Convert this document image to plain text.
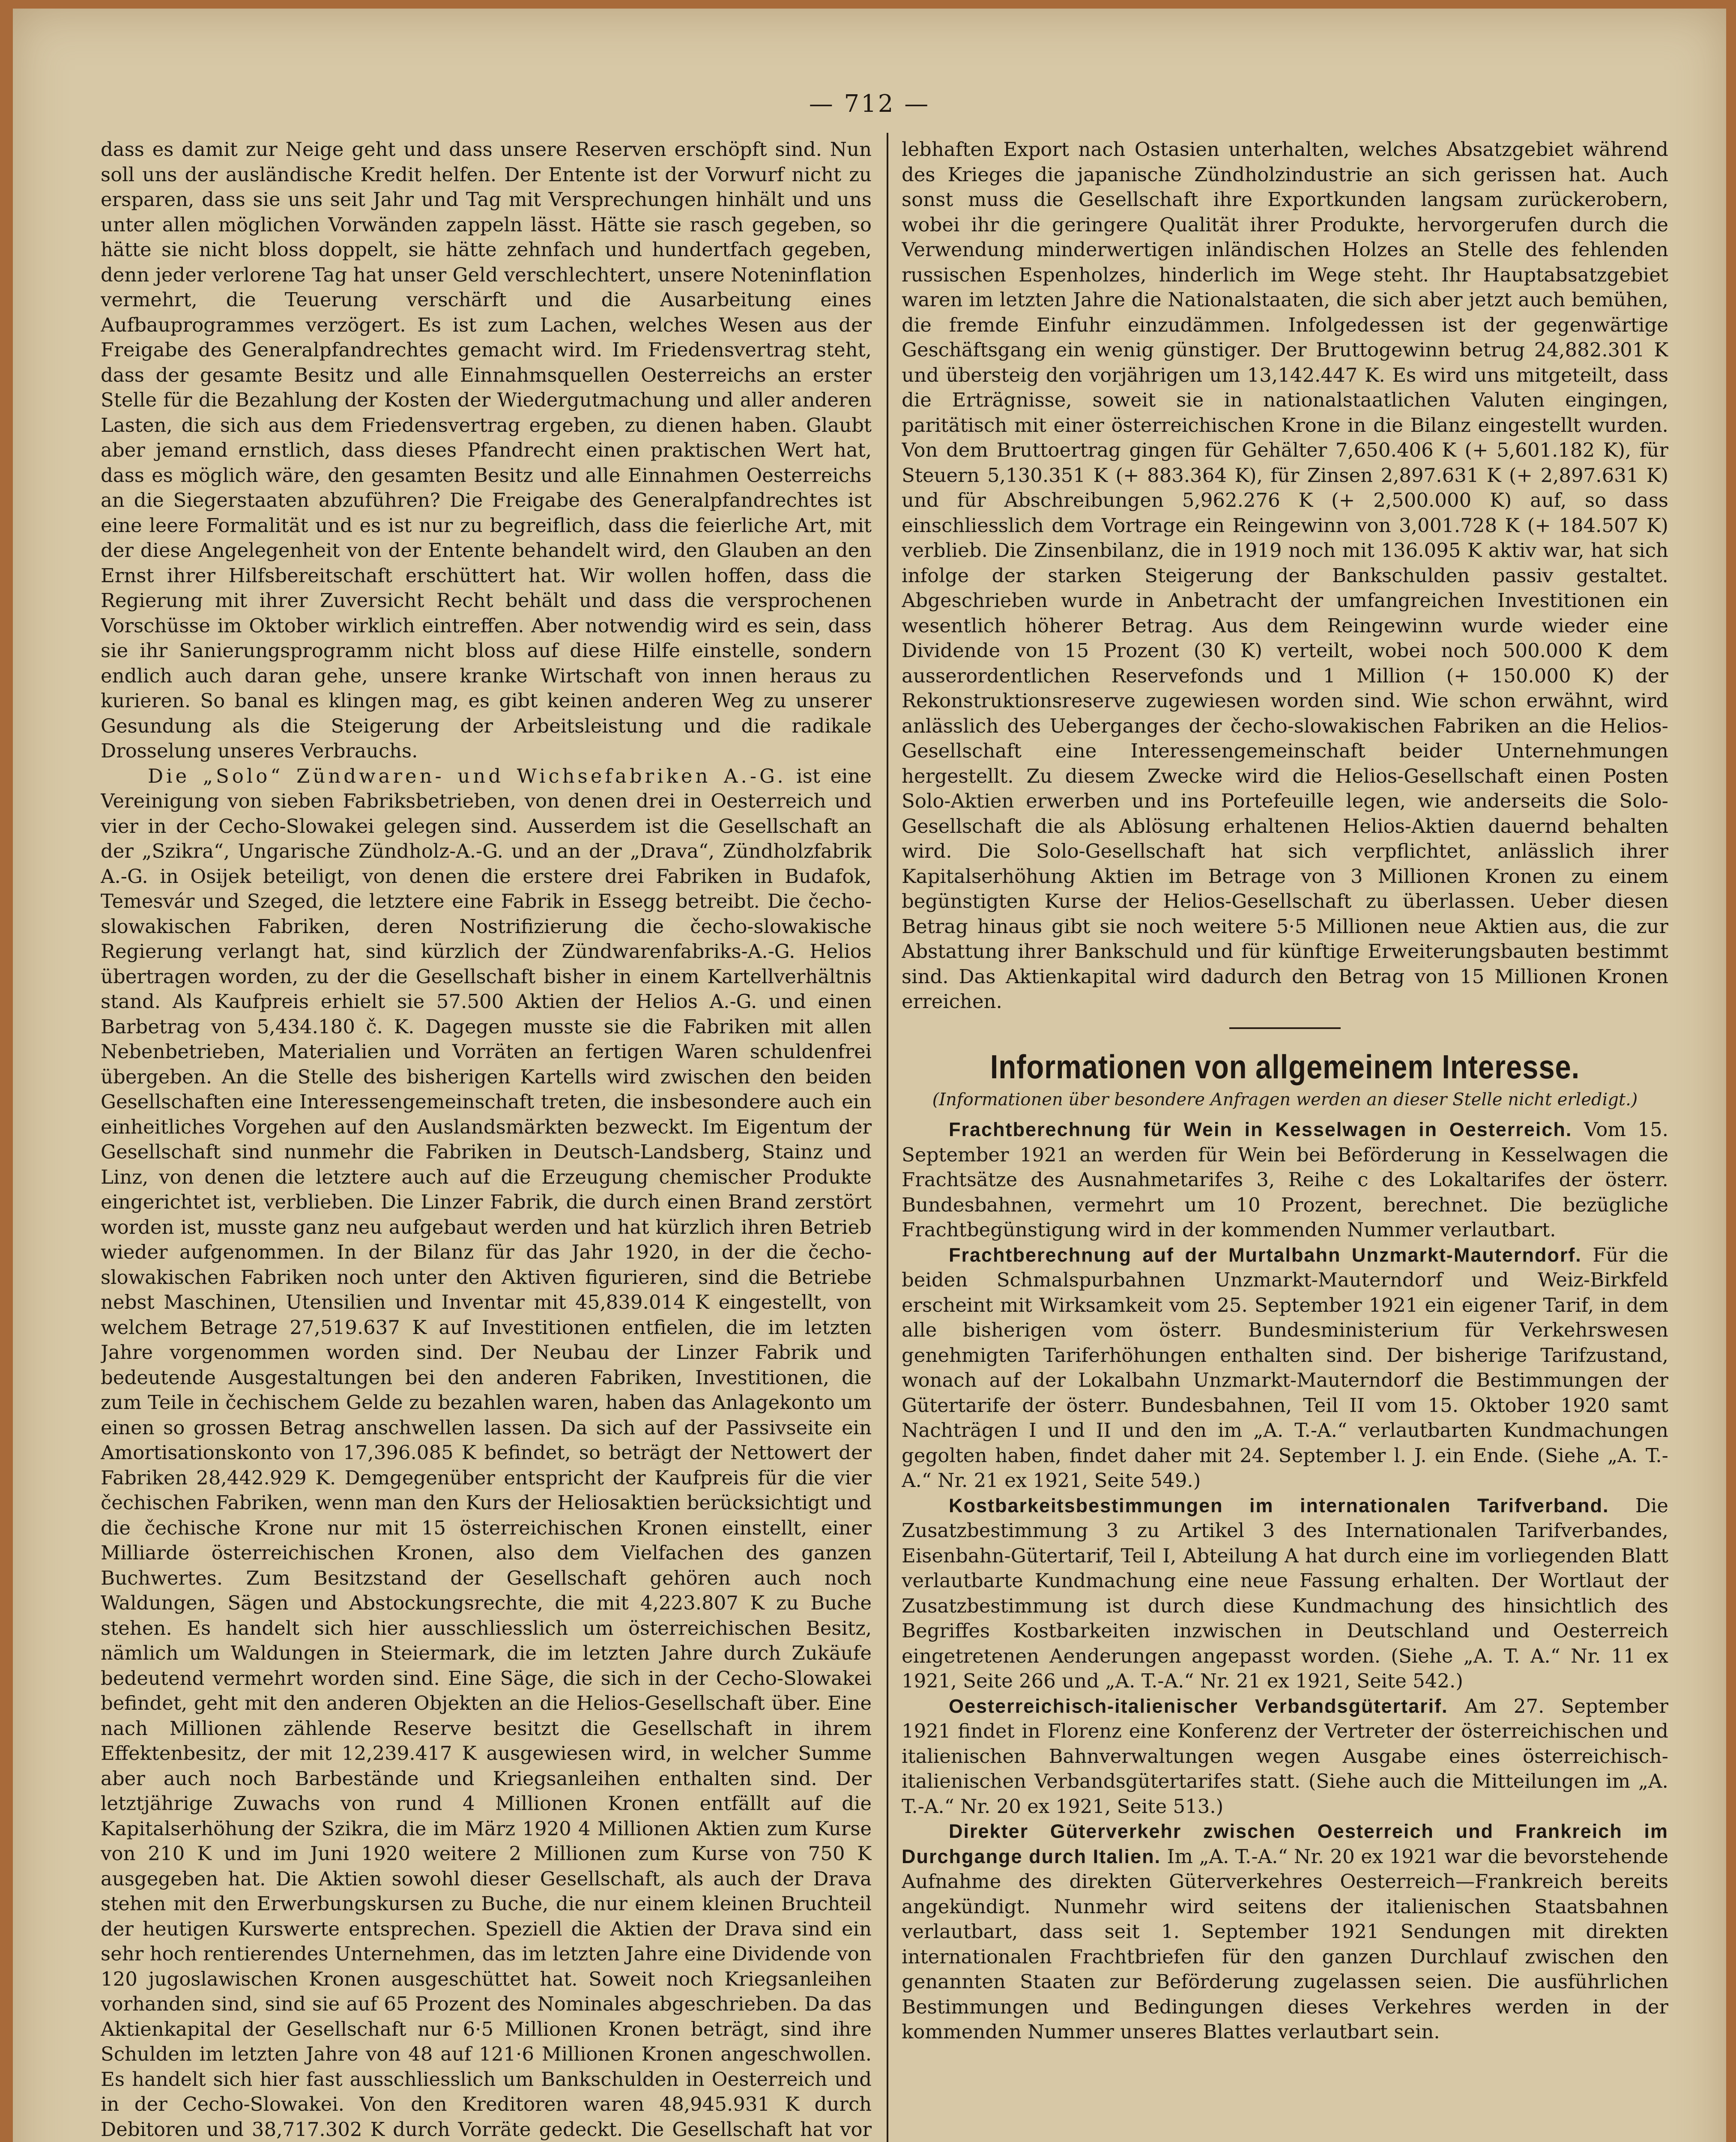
— 712 —

dass es damit zur Neige geht und dass unsere Reserven erschöpft sind. Nun soll uns der ausländische Kredit helfen. Der Entente ist der Vorwurf nicht zu ersparen, dass sie uns seit Jahr und Tag mit Versprechungen hinhält und uns unter allen möglichen Vorwänden zappeln lässt. Hätte sie rasch gegeben, so hätte sie nicht bloss doppelt, sie hätte zehnfach und hundertfach gegeben, denn jeder verlorene Tag hat unser Geld verschlechtert, unsere Noteninflation vermehrt, die Teuerung verschärft und die Ausarbeitung eines Aufbauprogrammes verzögert. Es ist zum Lachen, welches Wesen aus der Freigabe des Generalpfandrechtes gemacht wird. Im Friedensvertrag steht, dass der gesamte Besitz und alle Einnahmsquellen Oesterreichs an erster Stelle für die Bezahlung der Kosten der Wiedergutmachung und aller anderen Lasten, die sich aus dem Friedensvertrag ergeben, zu dienen haben. Glaubt aber jemand ernstlich, dass dieses Pfandrecht einen praktischen Wert hat, dass es möglich wäre, den gesamten Besitz und alle Einnahmen Oesterreichs an die Siegerstaaten abzuführen? Die Freigabe des Generalpfandrechtes ist eine leere Formalität und es ist nur zu begreiflich, dass die feierliche Art, mit der diese Angelegenheit von der Entente behandelt wird, den Glauben an den Ernst ihrer Hilfsbereitschaft erschüttert hat. Wir wollen hoffen, dass die Regierung mit ihrer Zuversicht Recht behält und dass die versprochenen Vorschüsse im Oktober wirklich eintreffen. Aber notwendig wird es sein, dass sie ihr Sanierungsprogramm nicht bloss auf diese Hilfe einstelle, sondern endlich auch daran gehe, unsere kranke Wirtschaft von innen heraus zu kurieren. So banal es klingen mag, es gibt keinen anderen Weg zu unserer Gesundung als die Steigerung der Arbeitsleistung und die radikale Drosselung unseres Verbrauchs.

Die „Solo“ Zündwaren- und Wichsefabriken A.-G. ist eine Vereinigung von sieben Fabriksbetrieben, von denen drei in Oesterreich und vier in der Cecho-Slowakei gelegen sind. Ausserdem ist die Gesellschaft an der „Szikra“, Ungarische Zündholz-A.-G. und an der „Drava“, Zündholzfabrik A.-G. in Osijek beteiligt, von denen die erstere drei Fabriken in Budafok, Temesvár und Szeged, die letztere eine Fabrik in Essegg betreibt. Die čecho-slowakischen Fabriken, deren Nostrifizierung die čecho-slowakische Regierung verlangt hat, sind kürzlich der Zündwarenfabriks-A.-G. Helios übertragen worden, zu der die Gesellschaft bisher in einem Kartellverhältnis stand. Als Kaufpreis erhielt sie 57.500 Aktien der Helios A.-G. und einen Barbetrag von 5,434.180 č. K. Dagegen musste sie die Fabriken mit allen Nebenbetrieben, Materialien und Vorräten an fertigen Waren schuldenfrei übergeben. An die Stelle des bisherigen Kartells wird zwischen den beiden Gesellschaften eine Interessengemeinschaft treten, die insbesondere auch ein einheitliches Vorgehen auf den Auslandsmärkten bezweckt. Im Eigentum der Gesellschaft sind nunmehr die Fabriken in Deutsch-Landsberg, Stainz und Linz, von denen die letztere auch auf die Erzeugung chemischer Produkte eingerichtet ist, verblieben. Die Linzer Fabrik, die durch einen Brand zerstört worden ist, musste ganz neu aufgebaut werden und hat kürzlich ihren Betrieb wieder aufgenommen. In der Bilanz für das Jahr 1920, in der die čecho-slowakischen Fabriken noch unter den Aktiven figurieren, sind die Betriebe nebst Maschinen, Utensilien und Inventar mit 45,839.014 K eingestellt, von welchem Betrage 27,519.637 K auf Investitionen entfielen, die im letzten Jahre vorgenommen worden sind. Der Neubau der Linzer Fabrik und bedeutende Ausgestaltungen bei den anderen Fabriken, Investitionen, die zum Teile in čechischem Gelde zu bezahlen waren, haben das Anlagekonto um einen so grossen Betrag anschwellen lassen. Da sich auf der Passivseite ein Amortisationskonto von 17,396.085 K befindet, so beträgt der Nettowert der Fabriken 28,442.929 K. Demgegenüber entspricht der Kaufpreis für die vier čechischen Fabriken, wenn man den Kurs der Heliosaktien berücksichtigt und die čechische Krone nur mit 15 österreichischen Kronen einstellt, einer Milliarde österreichischen Kronen, also dem Vielfachen des ganzen Buchwertes. Zum Besitzstand der Gesellschaft gehören auch noch Waldungen, Sägen und Abstockungsrechte, die mit 4,223.807 K zu Buche stehen. Es handelt sich hier ausschliesslich um österreichischen Besitz, nämlich um Waldungen in Steiermark, die im letzten Jahre durch Zukäufe bedeutend vermehrt worden sind. Eine Säge, die sich in der Cecho-Slowakei befindet, geht mit den anderen Objekten an die Helios-Gesellschaft über. Eine nach Millionen zählende Reserve besitzt die Gesellschaft in ihrem Effektenbesitz, der mit 12,239.417 K ausgewiesen wird, in welcher Summe aber auch noch Barbestände und Kriegsanleihen enthalten sind. Der letztjährige Zuwachs von rund 4 Millionen Kronen entfällt auf die Kapitalserhöhung der Szikra, die im März 1920 4 Millionen Aktien zum Kurse von 210 K und im Juni 1920 weitere 2 Millionen zum Kurse von 750 K ausgegeben hat. Die Aktien sowohl dieser Gesellschaft, als auch der Drava stehen mit den Erwerbungskursen zu Buche, die nur einem kleinen Bruchteil der heutigen Kurswerte entsprechen. Speziell die Aktien der Drava sind ein sehr hoch rentierendes Unternehmen, das im letzten Jahre eine Dividende von 120 jugoslawischen Kronen ausgeschüttet hat. Soweit noch Kriegsanleihen vorhanden sind, sind sie auf 65 Prozent des Nominales abgeschrieben. Da das Aktienkapital der Gesellschaft nur 6·5 Millionen Kronen beträgt, sind ihre Schulden im letzten Jahre von 48 auf 121·6 Millionen Kronen angeschwollen. Es handelt sich hier fast ausschliesslich um Bankschulden in Oesterreich und in der Cecho-Slowakei. Von den Kreditoren waren 48,945.931 K durch Debitoren und 38,717.302 K durch Vorräte gedeckt. Die Gesellschaft hat vor

lebhaften Export nach Ostasien unterhalten, welches Absatzgebiet während des Krieges die japanische Zündholzindustrie an sich gerissen hat. Auch sonst muss die Gesellschaft ihre Exportkunden langsam zurückerobern, wobei ihr die geringere Qualität ihrer Produkte, hervorgerufen durch die Verwendung minderwertigen inländischen Holzes an Stelle des fehlenden russischen Espenholzes, hinderlich im Wege steht. Ihr Hauptabsatzgebiet waren im letzten Jahre die Nationalstaaten, die sich aber jetzt auch bemühen, die fremde Einfuhr einzudämmen. Infolgedessen ist der gegenwärtige Geschäftsgang ein wenig günstiger. Der Bruttogewinn betrug 24,882.301 K und übersteig den vorjährigen um 13,142.447 K. Es wird uns mitgeteilt, dass die Erträgnisse, soweit sie in nationalstaatlichen Valuten eingingen, paritätisch mit einer österreichischen Krone in die Bilanz eingestellt wurden. Von dem Bruttoertrag gingen für Gehälter 7,650.406 K (+ 5,601.182 K), für Steuern 5,130.351 K (+ 883.364 K), für Zinsen 2,897.631 K (+ 2,897.631 K) und für Abschreibungen 5,962.276 K (+ 2,500.000 K) auf, so dass einschliesslich dem Vortrage ein Reingewinn von 3,001.728 K (+ 184.507 K) verblieb. Die Zinsenbilanz, die in 1919 noch mit 136.095 K aktiv war, hat sich infolge der starken Steigerung der Bankschulden passiv gestaltet. Abgeschrieben wurde in Anbetracht der umfangreichen Investitionen ein wesentlich höherer Betrag. Aus dem Reingewinn wurde wieder eine Dividende von 15 Prozent (30 K) verteilt, wobei noch 500.000 K dem ausserordentlichen Reservefonds und 1 Million (+ 150.000 K) der Rekonstruktionsreserve zugewiesen worden sind. Wie schon erwähnt, wird anlässlich des Ueberganges der čecho-slowakischen Fabriken an die Helios-Gesellschaft eine Interessengemeinschaft beider Unternehmungen hergestellt. Zu diesem Zwecke wird die Helios-Gesellschaft einen Posten Solo-Aktien erwerben und ins Portefeuille legen, wie anderseits die Solo-Gesellschaft die als Ablösung erhaltenen Helios-Aktien dauernd behalten wird. Die Solo-Gesellschaft hat sich verpflichtet, anlässlich ihrer Kapitalserhöhung Aktien im Betrage von 3 Millionen Kronen zu einem begünstigten Kurse der Helios-Gesellschaft zu überlassen. Ueber diesen Betrag hinaus gibt sie noch weitere 5·5 Millionen neue Aktien aus, die zur Abstattung ihrer Bankschuld und für künftige Erweiterungsbauten bestimmt sind. Das Aktienkapital wird dadurch den Betrag von 15 Millionen Kronen erreichen.

Informationen von allgemeinem Interesse.
(Informationen über besondere Anfragen werden an dieser Stelle nicht erledigt.)

Frachtberechnung für Wein in Kesselwagen in Oesterreich. Vom 15. September 1921 an werden für Wein bei Beförderung in Kesselwagen die Frachtsätze des Ausnahmetarifes 3, Reihe c des Lokaltarifes der österr. Bundesbahnen, vermehrt um 10 Prozent, berechnet. Die bezügliche Frachtbegünstigung wird in der kommenden Nummer verlautbart.

Frachtberechnung auf der Murtalbahn Unzmarkt-Mauterndorf. Für die beiden Schmalspurbahnen Unzmarkt-Mauterndorf und Weiz-Birkfeld erscheint mit Wirksamkeit vom 25. September 1921 ein eigener Tarif, in dem alle bisherigen vom österr. Bundesministerium für Verkehrswesen genehmigten Tariferhöhungen enthalten sind. Der bisherige Tarifzustand, wonach auf der Lokalbahn Unzmarkt-Mauterndorf die Bestimmungen der Gütertarife der österr. Bundesbahnen, Teil II vom 15. Oktober 1920 samt Nachträgen I und II und den im „A. T.-A.“ verlautbarten Kundmachungen gegolten haben, findet daher mit 24. September l. J. ein Ende. (Siehe „A. T.-A.“ Nr. 21 ex 1921, Seite 549.)

Kostbarkeitsbestimmungen im internationalen Tarifverband. Die Zusatzbestimmung 3 zu Artikel 3 des Internationalen Tarifverbandes, Eisenbahn-Gütertarif, Teil I, Abteilung A hat durch eine im vorliegenden Blatt verlautbarte Kundmachung eine neue Fassung erhalten. Der Wortlaut der Zusatzbestimmung ist durch diese Kundmachung des hinsichtlich des Begriffes Kostbarkeiten inzwischen in Deutschland und Oesterreich eingetretenen Aenderungen angepasst worden. (Siehe „A. T. A.“ Nr. 11 ex 1921, Seite 266 und „A. T.-A.“ Nr. 21 ex 1921, Seite 542.)

Oesterreichisch-italienischer Verbandsgütertarif. Am 27. September 1921 findet in Florenz eine Konferenz der Vertreter der österreichischen und italienischen Bahnverwaltungen wegen Ausgabe eines österreichisch-italienischen Verbandsgütertarifes statt. (Siehe auch die Mitteilungen im „A. T.-A.“ Nr. 20 ex 1921, Seite 513.)

Direkter Güterverkehr zwischen Oesterreich und Frankreich im Durchgange durch Italien. Im „A. T.-A.“ Nr. 20 ex 1921 war die bevorstehende Aufnahme des direkten Güterverkehres Oesterreich—Frankreich bereits angekündigt. Nunmehr wird seitens der italienischen Staatsbahnen verlautbart, dass seit 1. September 1921 Sendungen mit direkten internationalen Frachtbriefen für den ganzen Durchlauf zwischen den genannten Staaten zur Beförderung zugelassen seien. Die ausführlichen Bestimmungen und Bedingungen dieses Verkehres werden in der kommenden Nummer unseres Blattes verlautbart sein.
